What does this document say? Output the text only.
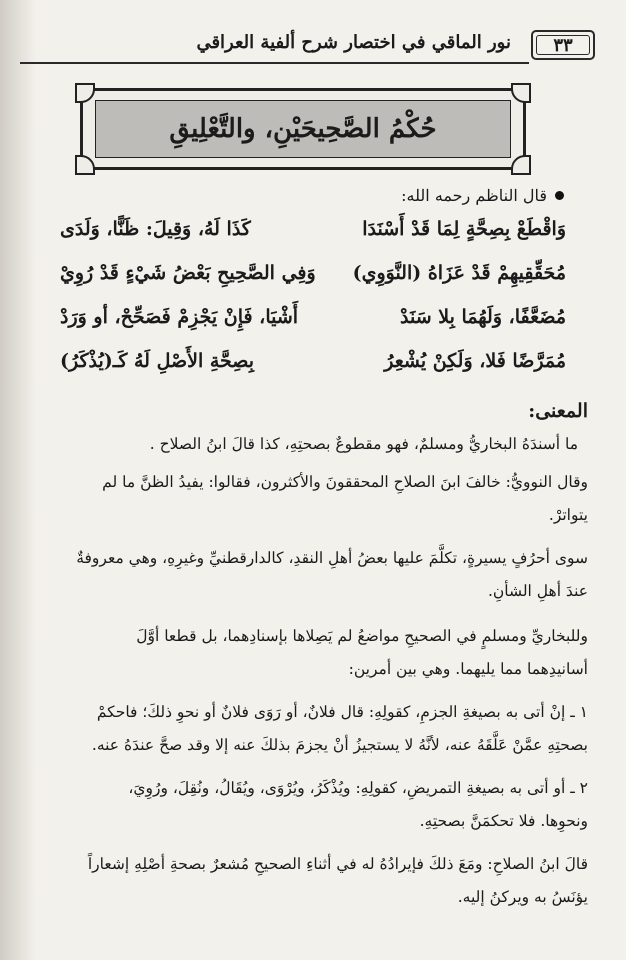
٣٣
نور الماقي في اختصار شرح ألفية العراقي
حُكْمُ الصَّحِيحَيْنِ، والتَّعْلِيقِ
قال الناظم رحمه الله:
وَاقْطَعْ بِصِحَّةٍ لِمَا قَدْ أَسْنَدَا
كَذَا لَهُ، وَقِيلَ: ظَنًّا، وَلَدَى
مُحَقِّقِيهِمْ قَدْ عَزَاهُ (النَّوَوِي)
وَفِي الصَّحِيحِ بَعْضُ شَيْءٍ قَدْ رُوِيْ
مُضَعَّفًا، وَلَهُمَا بِلا سَنَدْ
أَشْيَا، فَإِنْ يَجْزِمْ فَصَحِّحْ، أو وَرَدْ
مُمَرَّضًا فَلا، وَلَكِنْ يُشْعِرُ
بِصِحَّةِ الأَصْلِ لَهُ كَـ(يُذْكَرُ)
المعنى:
ما أسندَهُ البخاريُّ ومسلمٌ، فهو مقطوعٌ بصحتِهِ، كذا قالَ ابنُ الصلاح .
وقال النوويُّ: خالفَ ابنَ الصلاحِ المحققونَ والأكثرون، فقالوا: يفيدُ الظنَّ ما لم
يتواترْ.
سوى أحرُفٍ يسيرةٍ، تكلَّمَ عليها بعضُ أهلِ النقدِ، كالدارقطنيِّ وغيرِهِ، وهي معروفةٌ
عندَ أهلِ الشأنِ.
وللبخاريِّ ومسلمٍ في الصحيحِ مواضعُ لم يَصِلاها بإسنادِهما، بل قطعا أوَّلَ
أسانيدِهما مما يليهما. وهي بين أمرين:
١ ـ إنْ أتى به بصيغةِ الجزمِ، كقولِهِ: قال فلانٌ، أو رَوَى فلانٌ أو نحوِ ذلكَ؛ فاحكمْ
بصحتِهِ عمَّنْ عَلَّقَهُ عنه، لأنَّهُ لا يستجيزُ أنْ يجزمَ بذلكَ عنه إلا وقد صحَّ عندَهُ عنه.
٢ ـ أو أتى به بصيغةِ التمريضِ، كقولِهِ: ويُذْكَرُ، ويُرْوَى، ويُقَالُ، ونُقِلَ، ورُوِيَ،
ونحوِها. فلا تحكمَنَّ بصحتِهِ.
قالَ ابنُ الصلاحِ: ومَعَ ذلكَ فإيرادُهُ له في أثناءِ الصحيحِ مُشعرٌ بصحةِ أصْلِهِ إشعاراً
يؤنَسُ به ويركنُ إليه.
